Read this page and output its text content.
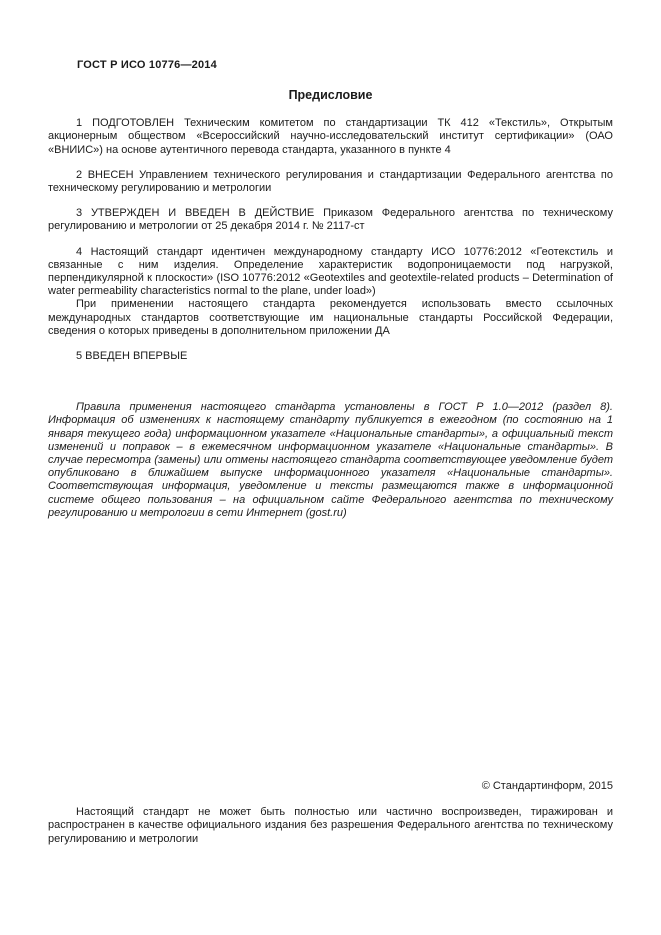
ГОСТ Р ИСО 10776—2014
Предисловие

1 ПОДГОТОВЛЕН Техническим комитетом по стандартизации ТК 412 «Текстиль», Открытым акционерным обществом «Всероссийский научно-исследовательский институт сертификации» (ОАО «ВНИИС») на основе аутентичного перевода стандарта, указанного в пункте 4

2 ВНЕСЕН Управлением технического регулирования и стандартизации Федерального агентства по техническому регулированию и метрологии

3 УТВЕРЖДЕН И ВВЕДЕН В ДЕЙСТВИЕ Приказом Федерального агентства по техническому регулированию и метрологии от 25 декабря 2014 г. № 2117-ст

4 Настоящий стандарт идентичен международному стандарту ИСО 10776:2012 «Геотекстиль и связанные с ним изделия. Определение характеристик водопроницаемости под нагрузкой, перпендикулярной к плоскости» (ISO 10776:2012 «Geotextiles and geotextile-related products – Determination of water permeability characteristics normal to the plane, under load»)

При применении настоящего стандарта рекомендуется использовать вместо ссылочных международных стандартов соответствующие им национальные стандарты Российской Федерации, сведения о которых приведены в дополнительном приложении ДА

5 ВВЕДЕН ВПЕРВЫЕ

Правила применения настоящего стандарта установлены в ГОСТ Р 1.0—2012 (раздел 8). Информация об изменениях к настоящему стандарту публикуется в ежегодном (по состоянию на 1 января текущего года) информационном указателе «Национальные стандарты», а официальный текст изменений и поправок – в ежемесячном информационном указателе «Национальные стандарты». В случае пересмотра (замены) или отмены настоящего стандарта соответствующее уведомление будет опубликовано в ближайшем выпуске информационного указателя «Национальные стандарты». Соответствующая информация, уведомление и тексты размещаются также в информационной системе общего пользования – на официальном сайте Федерального агентства по техническому регулированию и метрологии в сети Интернет (gost.ru)

© Стандартинформ, 2015

Настоящий стандарт не может быть полностью или частично воспроизведен, тиражирован и распространен в качестве официального издания без разрешения Федерального агентства по техническому регулированию и метрологии
